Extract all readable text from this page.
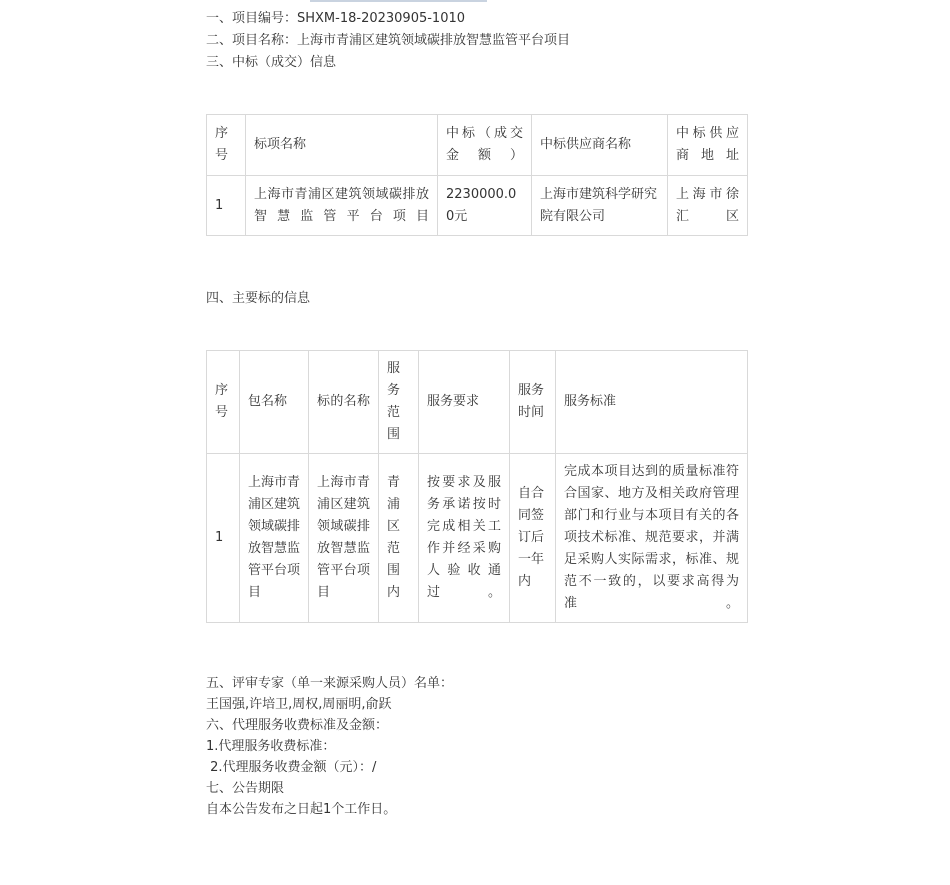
一、项目编号：SHXM-18-20230905-1010
二、项目名称：上海市青浦区建筑领域碳排放智慧监管平台项目
三、中标（成交）信息
序号	标项名称	中标（成交金额）	中标供应商名称	中标供应商地址
1	上海市青浦区建筑领域碳排放智慧监管平台项目	2230000.00元	上海市建筑科学研究院有限公司	上海市徐汇区
四、主要标的信息
序号	包名称	标的名称	服务范围	服务要求	服务时间	服务标准
1	上海市青浦区建筑领域碳排放智慧监管平台项目	上海市青浦区建筑领域碳排放智慧监管平台项目	青浦区范围内	按要求及服务承诺按时完成相关工作并经采购人验收通过。	自合同签订后一年内	完成本项目达到的质量标准符合国家、地方及相关政府管理部门和行业与本项目有关的各项技术标准、规范要求，并满足采购人实际需求，标准、规范不一致的，以要求高得为准。
五、评审专家（单一来源采购人员）名单：
王国强,许培卫,周权,周丽明,俞跃
六、代理服务收费标准及金额：
1.代理服务收费标准：
2.代理服务收费金额（元）：/
七、公告期限
自本公告发布之日起1个工作日。
